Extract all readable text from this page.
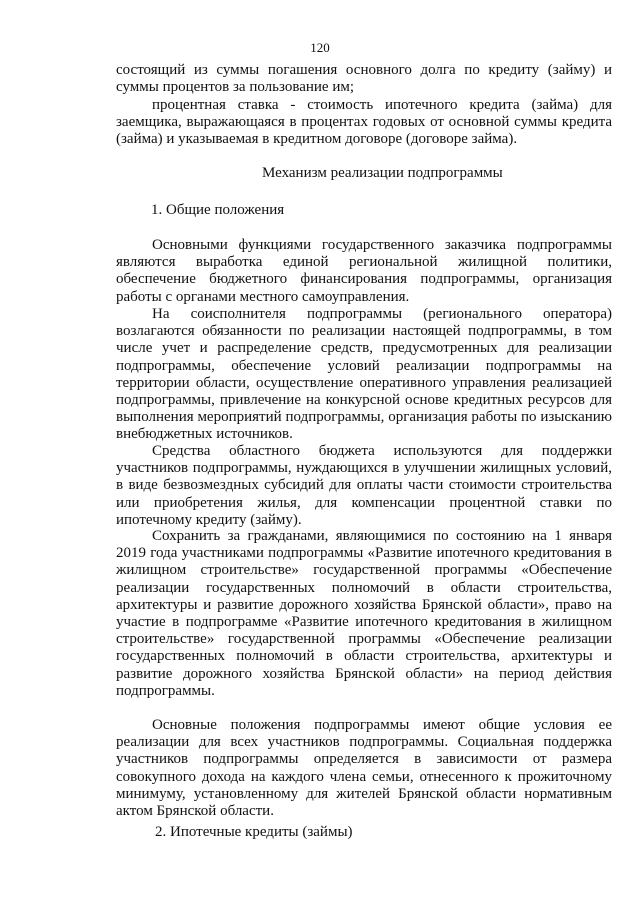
120

состоящий из суммы погашения основного долга по кредиту (займу) и суммы процентов за пользование им;

процентная ставка - стоимость ипотечного кредита (займа) для заемщика, выражающаяся в процентах годовых от основной суммы кредита (займа) и указываемая в кредитном договоре (договоре займа).

Механизм реализации подпрограммы

1. Общие положения

Основными функциями государственного заказчика подпрограммы являются выработка единой региональной жилищной политики, обеспечение бюджетного финансирования подпрограммы, организация работы с органами местного самоуправления.

На соисполнителя подпрограммы (регионального оператора) возлагаются обязанности по реализации настоящей подпрограммы, в том числе учет и распределение средств, предусмотренных для реализации подпрограммы, обеспечение условий реализации подпрограммы на территории области, осуществление оперативного управления реализацией подпрограммы, привлечение на конкурсной основе кредитных ресурсов для выполнения мероприятий подпрограммы, организация работы по изысканию внебюджетных источников.

Средства областного бюджета используются для поддержки участников подпрограммы, нуждающихся в улучшении жилищных условий, в виде безвозмездных субсидий для оплаты части стоимости строительства или приобретения жилья, для компенсации процентной ставки по ипотечному кредиту (займу).

Сохранить за гражданами, являющимися по состоянию на 1 января 2019 года участниками подпрограммы «Развитие ипотечного кредитования в жилищном строительстве» государственной программы «Обеспечение реализации государственных полномочий в области строительства, архитектуры и развитие дорожного хозяйства Брянской области», право на участие в подпрограмме «Развитие ипотечного кредитования в жилищном строительстве» государственной программы «Обеспечение реализации государственных полномочий в области строительства, архитектуры и развитие дорожного хозяйства Брянской области» на период действия подпрограммы.

Основные положения подпрограммы имеют общие условия ее реализации для всех участников подпрограммы. Социальная поддержка участников подпрограммы определяется в зависимости от размера совокупного дохода на каждого члена семьи, отнесенного к прожиточному минимуму, установленному для жителей Брянской области нормативным актом Брянской области.

2. Ипотечные кредиты (займы)
